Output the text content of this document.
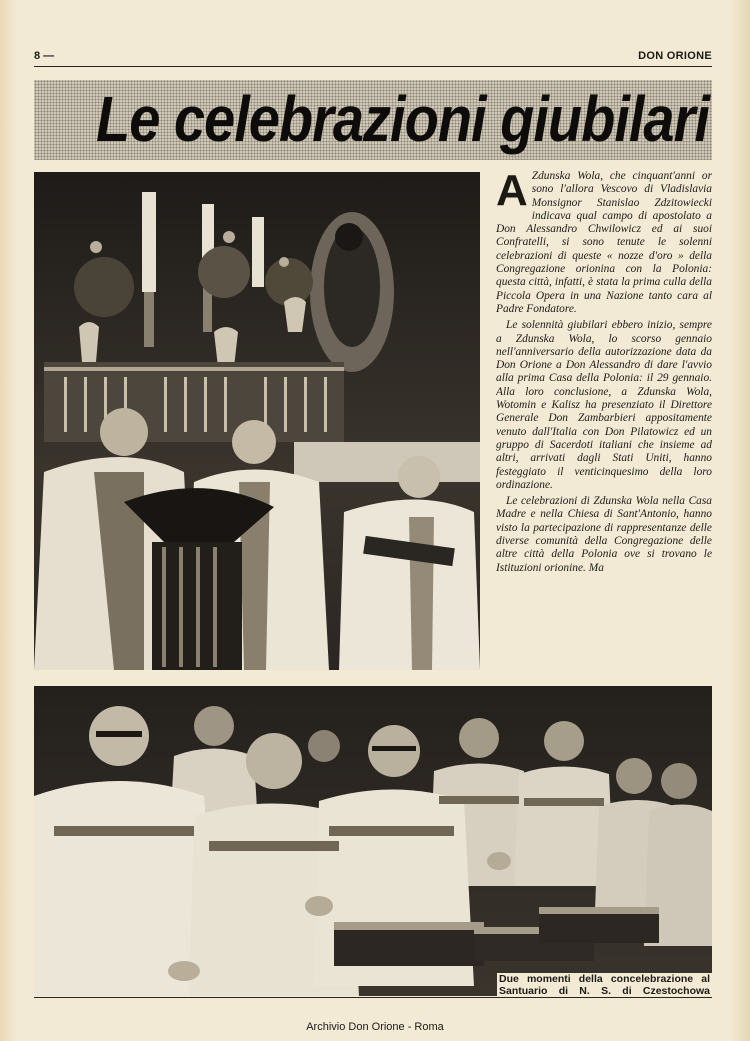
8 —	DON ORIONE
Le celebrazioni giubilari

A Zdunska Wola, che cinquant'anni or sono l'allora Vescovo di Vladislavia Monsignor Stanislao Zdzitowiecki indicava qual campo di apostolato a Don Alessandro Chwilowicz ed ai suoi Confratelli, si sono tenute le solenni celebrazioni di queste « nozze d'oro » della Congregazione orionina con la Polonia: questa città, infatti, è stata la prima culla della Piccola Opera in una Nazione tanto cara al Padre Fondatore.

Le solennità giubilari ebbero inizio, sempre a Zdunska Wola, lo scorso gennaio nell'anniversario della autorizzazione data da Don Orione a Don Alessandro di dare l'avvio alla prima Casa della Polonia: il 29 gennaio. Alla loro conclusione, a Zdunska Wola, Wotomin e Kalisz ha presenziato il Direttore Generale Don Zambarbieri appositamente venuto dall'Italia con Don Pilatowicz ed un gruppo di Sacerdoti italiani che insieme ad altri, arrivati dagli Stati Uniti, hanno festeggiato il venticinquesimo della loro ordinazione.

Le celebrazioni di Zdunska Wola nella Casa Madre e nella Chiesa di Sant'Antonio, hanno visto la partecipazione di rappresentanze delle diverse comunità della Congregazione delle altre città della Polonia ove si trovano le Istituzioni orionine. Ma

Due momenti della concelebrazione al Santuario di N. S. di Czestochowa
Archivio Don Orione - Roma
